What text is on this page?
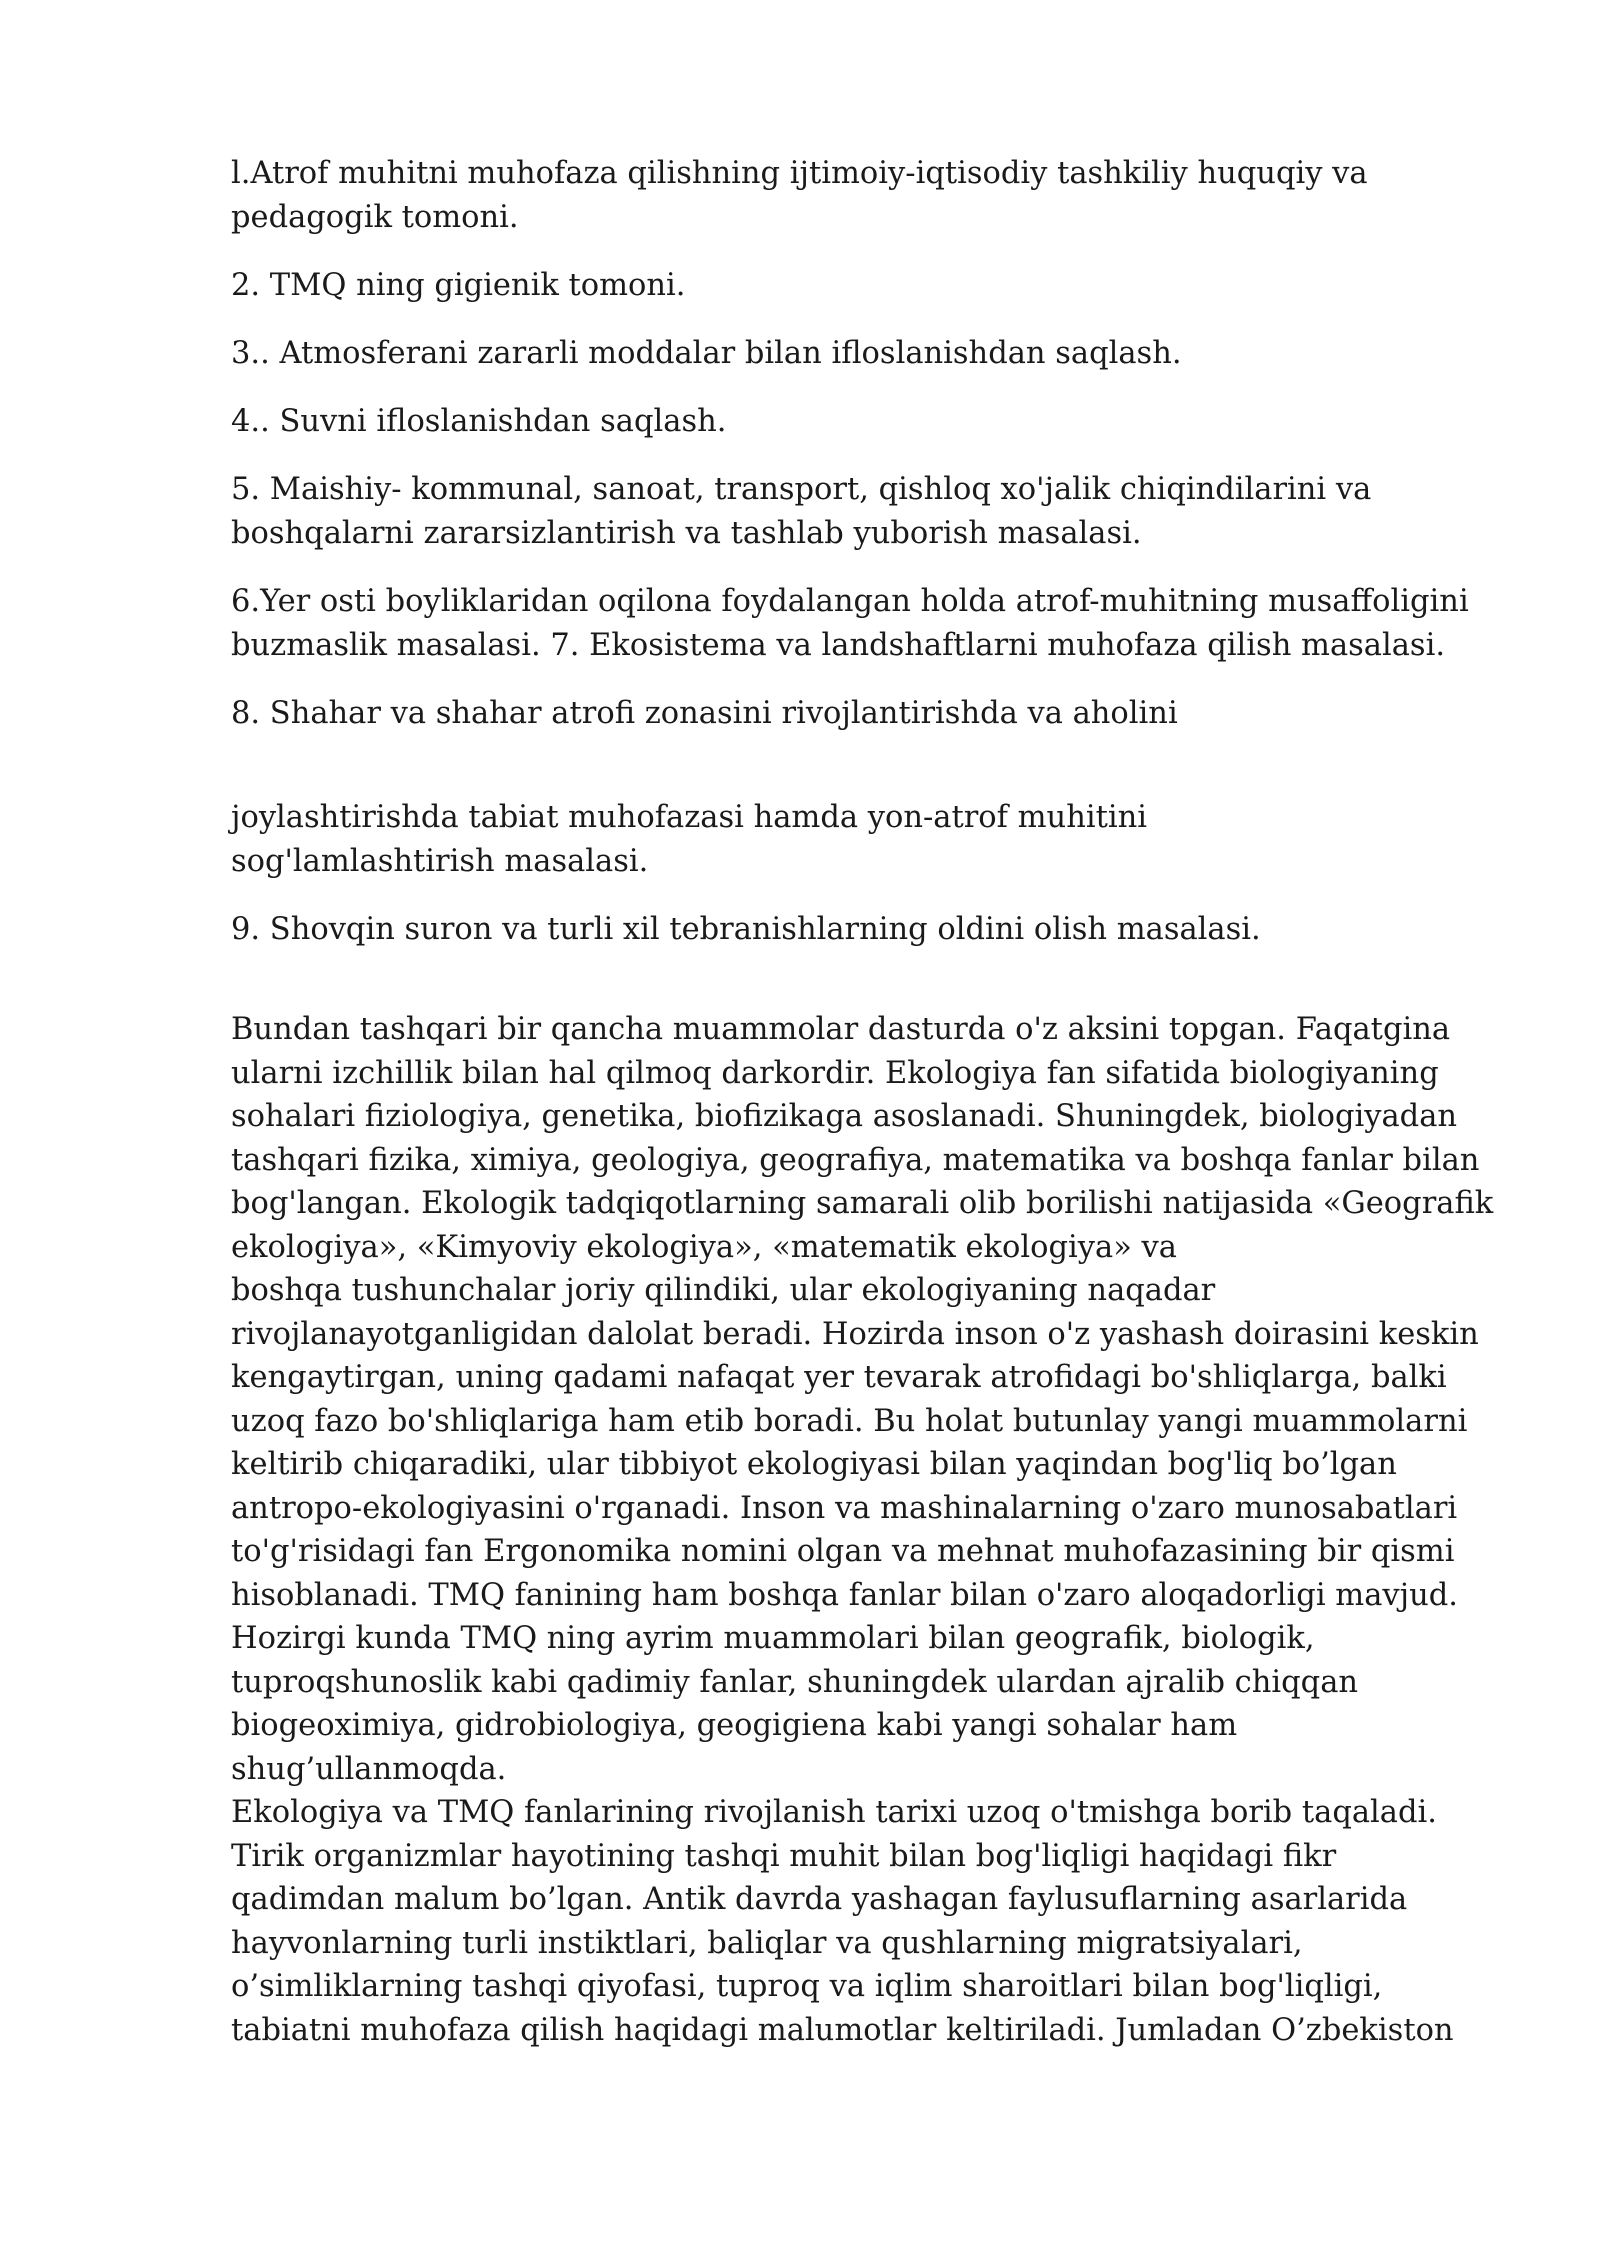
l.Atrof muhitni muhofaza qilishning ijtimoiy-iqtisodiy tashkiliy huquqiy va
pedagogik tomoni.

2. TMQ ning gigienik tomoni.

3.. Atmosferani zararli moddalar bilan ifloslanishdan saqlash.

4.. Suvni ifloslanishdan saqlash.

5. Maishiy- kommunal, sanoat, transport, qishloq xo'jalik chiqindilarini va
boshqalarni zararsizlantirish va tashlab yuborish masalasi.

6.Yer osti boyliklaridan oqilona foydalangan holda atrof-muhitning musaffoligini
buzmaslik masalasi. 7. Ekosistema va landshaftlarni muhofaza qilish masalasi.

8. Shahar va shahar atrofi zonasini rivojlantirishda va aholini

joylashtirishda tabiat muhofazasi hamda yon-atrof muhitini
sog'lamlashtirish masalasi.

9. Shovqin suron va turli xil tebranishlarning oldini olish masalasi.

Bundan tashqari bir qancha muammolar dasturda o'z aksini topgan. Faqatgina
ularni izchillik bilan hal qilmoq darkordir. Ekologiya fan sifatida biologiyaning
sohalari fiziologiya, genetika, biofizikaga asoslanadi. Shuningdek, biologiyadan
tashqari fizika, ximiya, geologiya, geografiya, matematika va boshqa fanlar bilan
bog'langan. Ekologik tadqiqotlarning samarali olib borilishi natijasida «Geografik
ekologiya», «Kimyoviy ekologiya», «matematik ekologiya» va
boshqa tushunchalar joriy qilindiki, ular ekologiyaning naqadar
rivojlanayotganligidan dalolat beradi. Hozirda inson o'z yashash doirasini keskin
kengaytirgan, uning qadami nafaqat yer tevarak atrofidagi bo'shliqlarga, balki
uzoq fazo bo'shliqlariga ham etib boradi. Bu holat butunlay yangi muammolarni
keltirib chiqaradiki, ular tibbiyot ekologiyasi bilan yaqindan bog'liq bo’lgan
antropo-ekologiyasini o'rganadi. Inson va mashinalarning o'zaro munosabatlari
to'g'risidagi fan Ergonomika nomini olgan va mehnat muhofazasining bir qismi
hisoblanadi. TMQ fanining ham boshqa fanlar bilan o'zaro aloqadorligi mavjud.
Hozirgi kunda TMQ ning ayrim muammolari bilan geografik, biologik,
tuproqshunoslik kabi qadimiy fanlar, shuningdek ulardan ajralib chiqqan
biogeoximiya, gidrobiologiya, geogigiena kabi yangi sohalar ham
shug’ullanmoqda.
Ekologiya va TMQ fanlarining rivojlanish tarixi uzoq o'tmishga borib taqaladi.
Tirik organizmlar hayotining tashqi muhit bilan bog'liqligi haqidagi fikr
qadimdan malum bo’lgan. Antik davrda yashagan faylusuflarning asarlarida
hayvonlarning turli instiktlari, baliqlar va qushlarning migratsiyalari,
o’simliklarning tashqi qiyofasi, tuproq va iqlim sharoitlari bilan bog'liqligi,
tabiatni muhofaza qilish haqidagi malumotlar keltiriladi. Jumladan O’zbekiston
